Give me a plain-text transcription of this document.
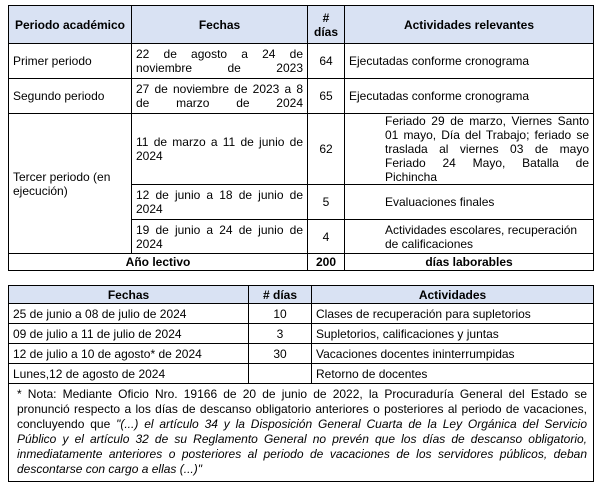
Periodo académico	Fechas	# días	Actividades relevantes
Primer periodo	22 de agosto a 24 de noviembre de 2023	64	Ejecutadas conforme cronograma
Segundo periodo	27 de noviembre de 2023 a 8 de marzo de 2024	65	Ejecutadas conforme cronograma
Tercer periodo (en ejecución)	11 de marzo a 11 de junio de 2024	62	Feriado 29 de marzo, Viernes Santo 01 mayo, Día del Trabajo; feriado se traslada al viernes 03 de mayo Feriado 24 Mayo, Batalla de Pichincha
	12 de junio a 18 de junio de 2024	5	Evaluaciones finales
	19 de junio a 24 de junio de 2024	4	Actividades escolares, recuperación de calificaciones
Año lectivo		200	días laborables
Fechas	# días	Actividades
25 de junio a 08 de julio de 2024	10	Clases de recuperación para supletorios
09 de julio a 11 de julio de 2024	3	Supletorios, calificaciones y juntas
12 de julio a 10 de agosto* de 2024	30	Vacaciones docentes ininterrumpidas
Lunes,12 de agosto de 2024		Retorno de docentes
* Nota: Mediante Oficio Nro. 19166 de 20 de junio de 2022, la Procuraduría General del Estado se pronunció respecto a los días de descanso obligatorio anteriores o posteriores al periodo de vacaciones, concluyendo que "(...) el artículo 34 y la Disposición General Cuarta de la Ley Orgánica del Servicio Público y el artículo 32 de su Reglamento General no prevén que los días de descanso obligatorio, inmediatamente anteriores o posteriores al periodo de vacaciones de los servidores públicos, deban descontarse con cargo a ellas (...)"		
